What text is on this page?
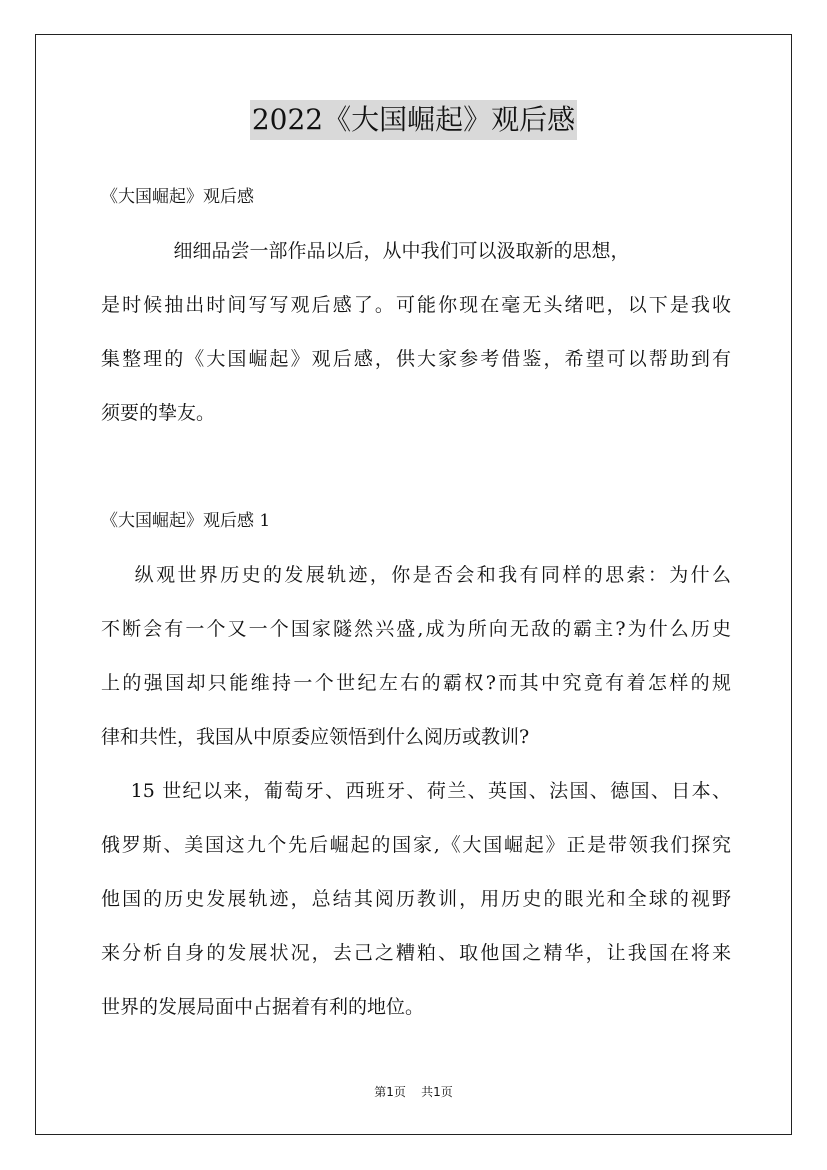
2022《大国崛起》观后感

《大国崛起》观后感

细细品尝一部作品以后，从中我们可以汲取新的思想，

是时候抽出时间写写观后感了。可能你现在毫无头绪吧，以下是我收

集整理的《大国崛起》观后感，供大家参考借鉴，希望可以帮助到有

须要的挚友。

《大国崛起》观后感 1

纵观世界历史的发展轨迹，你是否会和我有同样的思索：为什么

不断会有一个又一个国家隧然兴盛,成为所向无敌的霸主?为什么历史

上的强国却只能维持一个世纪左右的霸权?而其中究竟有着怎样的规

律和共性，我国从中原委应领悟到什么阅历或教训?

15 世纪以来，葡萄牙、西班牙、荷兰、英国、法国、德国、日本、

俄罗斯、美国这九个先后崛起的国家,《大国崛起》正是带领我们探究

他国的历史发展轨迹，总结其阅历教训，用历史的眼光和全球的视野

来分析自身的发展状况，去己之糟粕、取他国之精华，让我国在将来

世界的发展局面中占据着有利的地位。

第1页 共1页
